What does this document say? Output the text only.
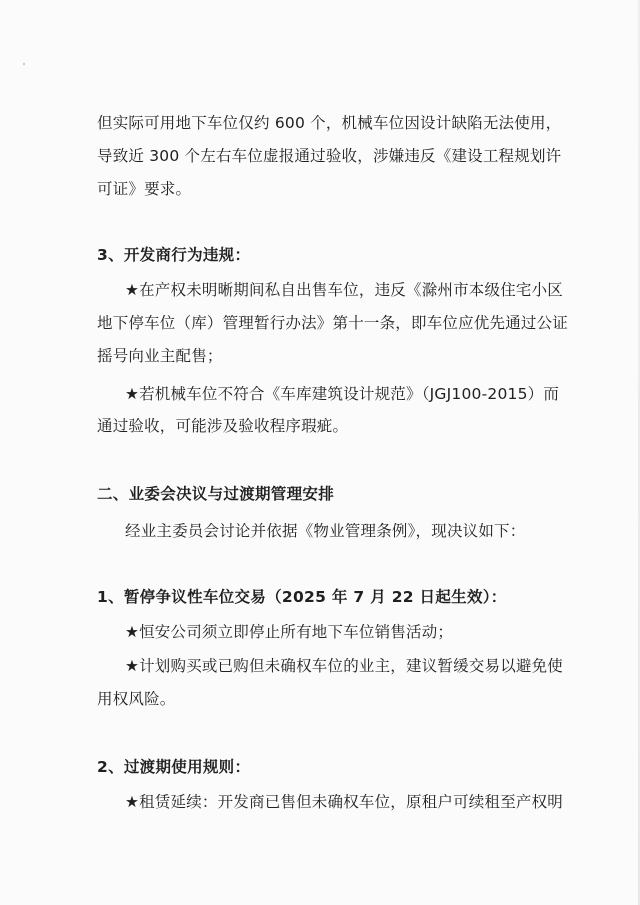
但实际可用地下车位仅约 600 个，机械车位因设计缺陷无法使用，
导致近 300 个左右车位虚报通过验收，涉嫌违反《建设工程规划许
可证》要求。
3、开发商行为违规：
★在产权未明晰期间私自出售车位，违反《滁州市本级住宅小区
地下停车位（库）管理暂行办法》第十一条，即车位应优先通过公证
摇号向业主配售；
★若机械车位不符合《车库建筑设计规范》（JGJ100-2015）而
通过验收，可能涉及验收程序瑕疵。
二、业委会决议与过渡期管理安排
经业主委员会讨论并依据《物业管理条例》，现决议如下：
1、暂停争议性车位交易（2025 年 7 月 22 日起生效）：
★恒安公司须立即停止所有地下车位销售活动；
★计划购买或已购但未确权车位的业主，建议暂缓交易以避免使
用权风险。
2、过渡期使用规则：
★租赁延续：开发商已售但未确权车位，原租户可续租至产权明
